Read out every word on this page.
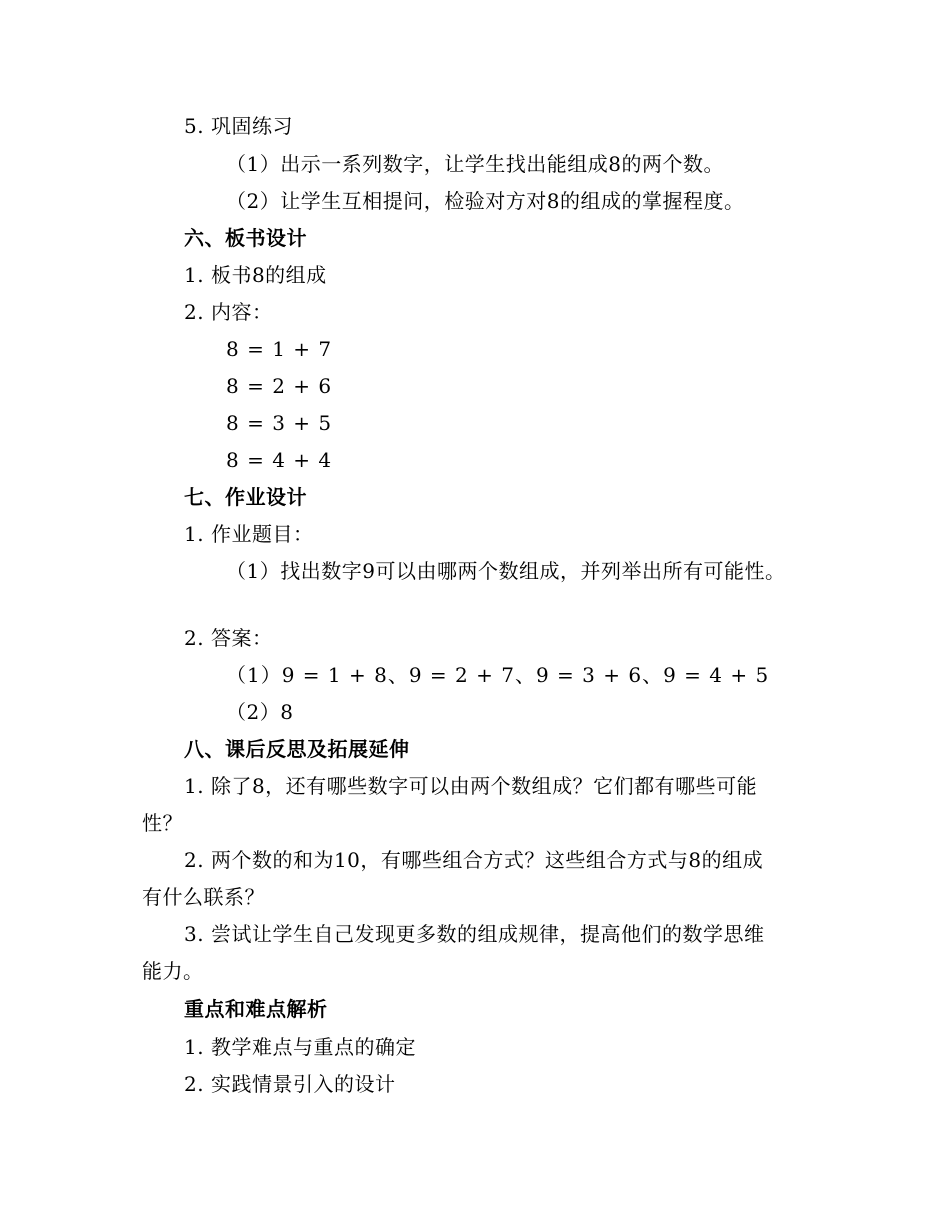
5. 巩固练习
（1）出示一系列数字，让学生找出能组成8的两个数。
（2）让学生互相提问，检验对方对8的组成的掌握程度。
六、板书设计
1. 板书8的组成
2. 内容：
8 = 1 + 7
8 = 2 + 6
8 = 3 + 5
8 = 4 + 4
七、作业设计
1. 作业题目：
（1）找出数字9可以由哪两个数组成，并列举出所有可能性。
2. 答案：
（1）9 = 1 + 8、9 = 2 + 7、9 = 3 + 6、9 = 4 + 5
（2）8
八、课后反思及拓展延伸
1. 除了8，还有哪些数字可以由两个数组成？它们都有哪些可能
性？
2. 两个数的和为10，有哪些组合方式？这些组合方式与8的组成
有什么联系？
3. 尝试让学生自己发现更多数的组成规律，提高他们的数学思维
能力。
重点和难点解析
1. 教学难点与重点的确定
2. 实践情景引入的设计
